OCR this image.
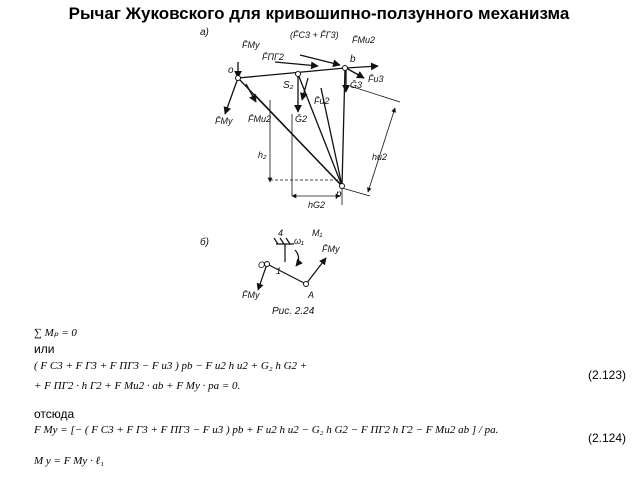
Рычаг Жуковского для кривошипно-ползунного механизма
а)
o
b
p
S₂
F̄My
F̄ПГ2
(F̄С3 + F̄Г3) F̄Mи2
F̄и3
Ḡ3
F̄и2
Ḡ2
F̄My F̄Mи2
h₂	hи2
hG2
б)
4
ω₁
M₁
F̄My
O
1
A
F̄My
Рис. 2.24
∑ Mₚ = 0
или
( F C3 + F Г3 + F ПГ3 − F и3 ) pb − F и2 h и2 + G₂ h G2 +
+ F ПГ2 · h Г2 + F Mи2 · ab + F My · pa = 0.
(2.123)
отсюда
F My = [− ( F C3 + F Г3 + F ПГ3 − F и3 ) pb + F и2 h и2 − G₂ h G2 − F ПГ2 h Г2 − F Mи2 ab ] / pa.
(2.124)
M y = F My · ℓ₁
